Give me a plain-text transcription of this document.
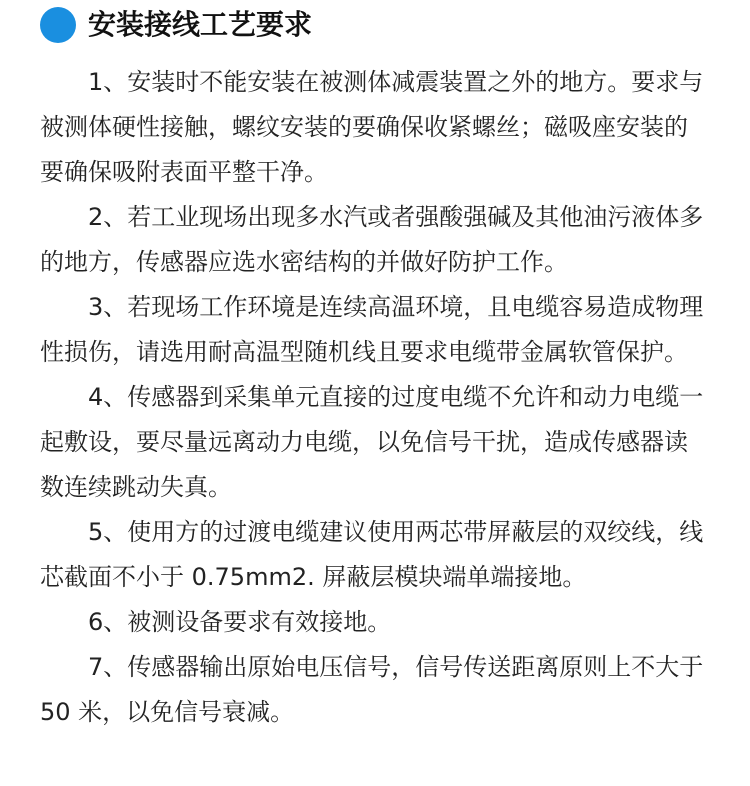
安装接线工艺要求

1、安装时不能安装在被测体减震装置之外的地方。要求与被测体硬性接触，螺纹安装的要确保收紧螺丝；磁吸座安装的要确保吸附表面平整干净。

2、若工业现场出现多水汽或者强酸强碱及其他油污液体多的地方，传感器应选水密结构的并做好防护工作。

3、若现场工作环境是连续高温环境，且电缆容易造成物理性损伤，请选用耐高温型随机线且要求电缆带金属软管保护。

4、传感器到采集单元直接的过度电缆不允许和动力电缆一起敷设，要尽量远离动力电缆，以免信号干扰，造成传感器读数连续跳动失真。

5、使用方的过渡电缆建议使用两芯带屏蔽层的双绞线，线芯截面不小于 0.75mm2. 屏蔽层模块端单端接地。

6、被测设备要求有效接地。

7、传感器输出原始电压信号，信号传送距离原则上不大于 50 米，以免信号衰减。
